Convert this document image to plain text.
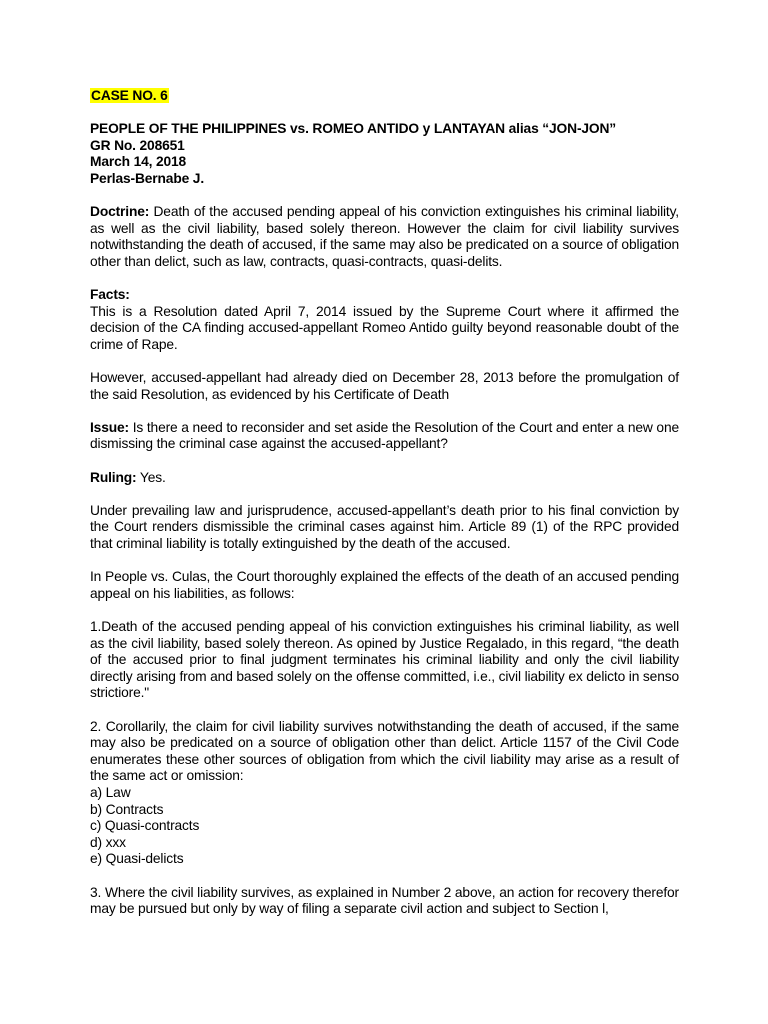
CASE NO. 6

PEOPLE OF THE PHILIPPINES vs. ROMEO ANTIDO y LANTAYAN alias “JON-JON”

GR No. 208651

March 14, 2018

Perlas-Bernabe J.

Doctrine: Death of the accused pending appeal of his conviction extinguishes his criminal liability, as well as the civil liability, based solely thereon. However the claim for civil liability survives notwithstanding the death of accused, if the same may also be predicated on a source of obligation other than delict, such as law, contracts, quasi-contracts, quasi-delits.

Facts:

This is a Resolution dated April 7, 2014 issued by the Supreme Court where it affirmed the decision of the CA finding accused-appellant Romeo Antido guilty beyond reasonable doubt of the crime of Rape.

However, accused-appellant had already died on December 28, 2013 before the promulgation of the said Resolution, as evidenced by his Certificate of Death

Issue: Is there a need to reconsider and set aside the Resolution of the Court and enter a new one dismissing the criminal case against the accused-appellant?

Ruling: Yes.

Under prevailing law and jurisprudence, accused-appellant’s death prior to his final conviction by the Court renders dismissible the criminal cases against him. Article 89 (1) of the RPC provided that criminal liability is totally extinguished by the death of the accused.

In People vs. Culas, the Court thoroughly explained the effects of the death of an accused pending appeal on his liabilities, as follows:

1.Death of the accused pending appeal of his conviction extinguishes his criminal liability, as well as the civil liability, based solely thereon. As opined by Justice Regalado, in this regard, “the death of the accused prior to final judgment terminates his criminal liability and only the civil liability directly arising from and based solely on the offense committed, i.e., civil liability ex delicto in senso strictiore."

2. Corollarily, the claim for civil liability survives notwithstanding the death of accused, if the same may also be predicated on a source of obligation other than delict. Article 1157 of the Civil Code enumerates these other sources of obligation from which the civil liability may arise as a result of the same act or omission:

a) Law

b) Contracts

c) Quasi-contracts

d) xxx

e) Quasi-delicts

3. Where the civil liability survives, as explained in Number 2 above, an action for recovery therefor may be pursued but only by way of filing a separate civil action and subject to Section l,
